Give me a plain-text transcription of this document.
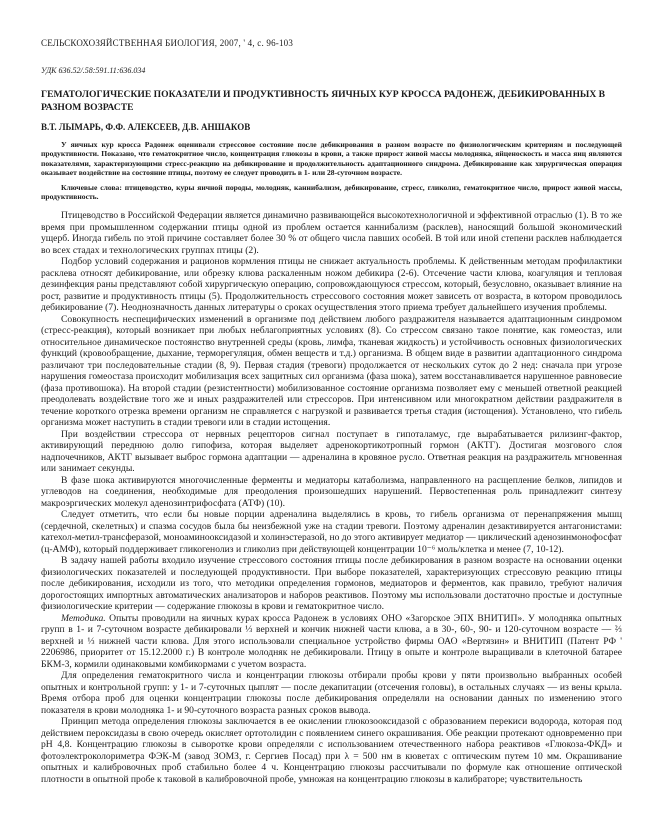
СЕЛЬСКОХОЗЯЙСТВЕННАЯ БИОЛОГИЯ, 2007, ' 4, с. 96-103
УДК 636.52/.58:591.11:636.034
ГЕМАТОЛОГИЧЕСКИЕ ПОКАЗАТЕЛИ И ПРОДУКТИВНОСТЬ ЯИЧНЫХ КУР КРОССА РАДОНЕЖ, ДЕБИКИРОВАННЫХ В РАЗНОМ ВОЗРАСТЕ
В.Т. ЛЫМАРЬ, Ф.Ф. АЛЕКСЕЕВ, Д.В. АНШАКОВ

У яичных кур кросса Радонеж оценивали стрессовое состояние после дебикирования в разном возрасте по физиологическим критериям и последующей продуктивности. Показано, что гематокритное число, концентрация глюкозы в крови, а также прирост живой массы молодняка, яйценоскость и масса яиц являются показателями, характеризующими стресс-реакцию на дебикирование и продолжительность адаптационного синдрома. Дебикирование как хирургическая операция оказывает воздействие на состояние птицы, поэтому ее следует проводить в 1- или 28-суточном возрасте.

Ключевые слова: птицеводство, куры яичной породы, молодняк, каннибализм, дебикирование, стресс, гликолиз, гематокритное число, прирост живой массы, продуктивность.

Птицеводство в Российской Федерации является динамично развивающейся высокотехнологичной и эффективной отраслью (1). В то же время при промышленном содержании птицы одной из проблем остается каннибализм (расклев), наносящий большой экономический ущерб. Иногда гибель по этой причине составляет более 30 % от общего числа павших особей. В той или иной степени расклев наблюдается во всех стадах и технологических группах птицы (2).

Подбор условий содержания и рационов кормления птицы не снижает актуальность проблемы. К действенным методам профилактики расклева относят дебикирование, или обрезку клюва раскаленным ножом дебикира (2-6). Отсечение части клюва, коагуляция и тепловая дезинфекция раны представляют собой хирургическую операцию, сопровождающуюся стрессом, который, безусловно, оказывает влияние на рост, развитие и продуктивность птицы (5). Продолжительность стрессового состояния может зависеть от возраста, в котором проводилось дебикирование (7). Неоднозначность данных литературы о сроках осуществления этого приема требует дальнейшего изучения проблемы.

Совокупность неспецифических изменений в организме под действием любого раздражителя называется адаптационным синдромом (стресс-реакция), который возникает при любых неблагоприятных условиях (8). Со стрессом связано такое понятие, как гомеостаз, или относительное динамическое постоянство внутренней среды (кровь, лимфа, тканевая жидкость) и устойчивость основных физиологических функций (кровообращение, дыхание, терморегуляция, обмен веществ и т.д.) организма. В общем виде в развитии адаптационного синдрома различают три последовательные стадии (8, 9). Первая стадия (тревоги) продолжается от нескольких суток до 2 нед: сначала при угрозе нарушения гомеостаза происходит мобилизация всех защитных сил организма (фаза шока), затем восстанавливается нарушенное равновесие (фаза противошока). На второй стадии (резистентности) мобилизованное состояние организма позволяет ему с меньшей ответной реакцией преодолевать воздействие того же и иных раздражителей или стрессоров. При интенсивном или многократном действии раздражителя в течение короткого отрезка времени организм не справляется с нагрузкой и развивается третья стадия (истощения). Установлено, что гибель организма может наступить в стадии тревоги или в стадии истощения.

При воздействии стрессора от нервных рецепторов сигнал поступает в гипоталамус, где вырабатывается рилизинг-фактор, активирующий переднюю долю гипофиза, которая выделяет адренокортикотропный гормон (АКТГ). Достигая мозгового слоя надпочечников, АКТГ вызывает выброс гормона адаптации — адреналина в кровяное русло. Ответная реакция на раздражитель мгновенная или занимает секунды.

В фазе шока активируются многочисленные ферменты и медиаторы катаболизма, направленного на расщепление белков, липидов и углеводов на соединения, необходимые для преодоления произошедших нарушений. Первостепенная роль принадлежит синтезу макроэргических молекул аденозинтрифосфата (АТФ) (10).

Следует отметить, что если бы новые порции адреналина выделялись в кровь, то гибель организма от перенапряжения мышц (сердечной, скелетных) и спазма сосудов была бы неизбежной уже на стадии тревоги. Поэтому адреналин дезактивируется антагонистами: катехол-метил-трансферазой, моноаминооксидазой и холинэстеразой, но до этого активирует медиатор — циклический аденозинмонофосфат (ц-АМФ), который поддерживает гликогенолиз и гликолиз при действующей концентрации 10⁻⁶ моль/клетка и менее (7, 10-12).

В задачу нашей работы входило изучение стрессового состояния птицы после дебикирования в разном возрасте на основании оценки физиологических показателей и последующей продуктивности. При выборе показателей, характеризующих стрессовую реакцию птицы после дебикирования, исходили из того, что методики определения гормонов, медиаторов и ферментов, как правило, требуют наличия дорогостоящих импортных автоматических анализаторов и наборов реактивов. Поэтому мы использовали достаточно простые и доступные физиологические критерии — содержание глюкозы в крови и гематокритное число.

Методика. Опыты проводили на яичных курах кросса Радонеж в условиях ОНО «Загорское ЭПХ ВНИТИП». У молодняка опытных групп в 1- и 7-суточном возрасте дебикировали ⅓ верхней и кончик нижней части клюва, а в 30-, 60-, 90- и 120-суточном возрасте — ⅔ верхней и ⅓ нижней части клюва. Для этого использовали специальное устройство фирмы ОАО «Вертязин» и ВНИТИП (Патент РФ ' 2206986, приоритет от 15.12.2000 г.) В контроле молодняк не дебикировали. Птицу в опыте и контроле выращивали в клеточной батарее БКМ-3, кормили одинаковыми комбикормами с учетом возраста.

Для определения гематокритного числа и концентрации глюкозы отбирали пробы крови у пяти произвольно выбранных особей опытных и контрольной групп: у 1- и 7-суточных цыплят — после декапитации (отсечения головы), в остальных случаях — из вены крыла. Время отбора проб для оценки концентрации глюкозы после дебикирования определяли на основании данных по изменению этого показателя в крови молодняка 1- и 90-суточного возраста разных сроков вывода.

Принцип метода определения глюкозы заключается в ее окислении глюкозооксидазой с образованием перекиси водорода, которая под действием пероксидазы в свою очередь окисляет ортотолидин с появлением синего окрашивания. Обе реакции протекают одновременно при рН 4,8. Концентрацию глюкозы в сыворотке крови определяли с использованием отечественного набора реактивов «Глюкоза-ФКД» и фотоэлектроколориметра ФЭК-М (завод ЗОМЗ, г. Сергиев Посад) при λ = 500 нм в кюветах с оптическим путем 10 мм. Окрашивание опытных и калибровочных проб стабильно более 4 ч. Концентрацию глюкозы рассчитывали по формуле как отношение оптической плотности в опытной пробе к таковой в калибровочной пробе, умножая на концентрацию глюкозы в калибраторе; чувствительность
